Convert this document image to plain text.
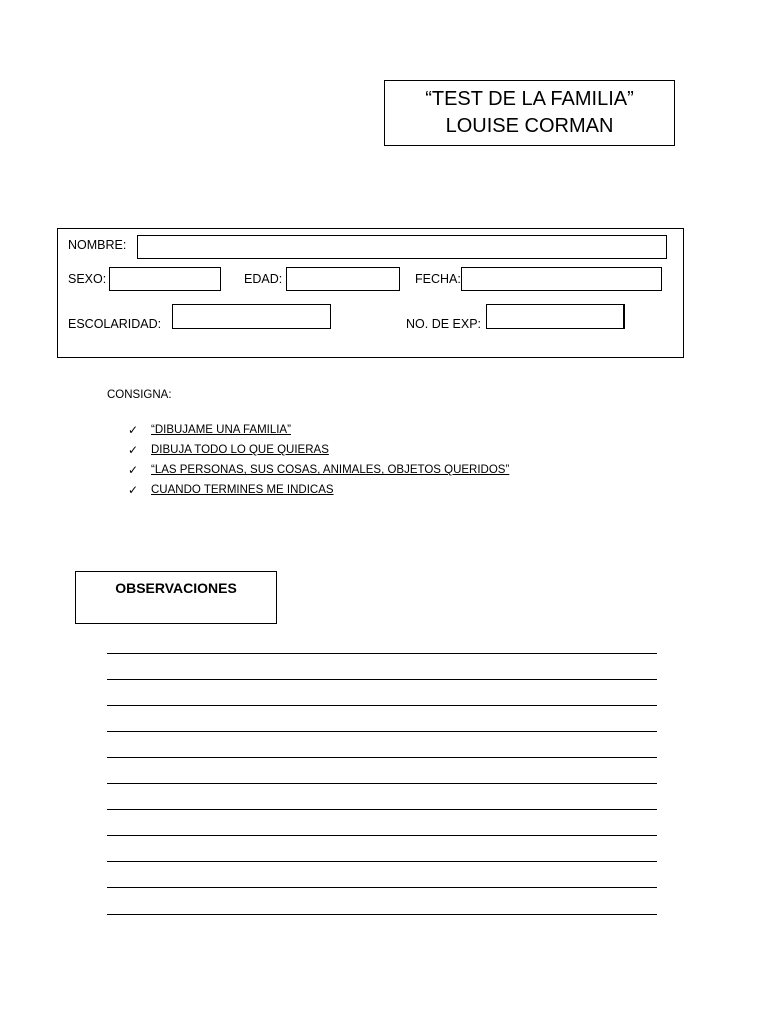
“TEST DE LA FAMILIA”
LOUISE CORMAN
NOMBRE:
SEXO:	EDAD:	FECHA:
ESCOLARIDAD:	NO. DE EXP:
CONSIGNA:
✓	“DIBUJAME UNA FAMILIA”
✓	DIBUJA TODO LO QUE QUIERAS
✓	“LAS PERSONAS, SUS COSAS, ANIMALES, OBJETOS QUERIDOS”
✓	CUANDO TERMINES ME INDICAS
OBSERVACIONES
